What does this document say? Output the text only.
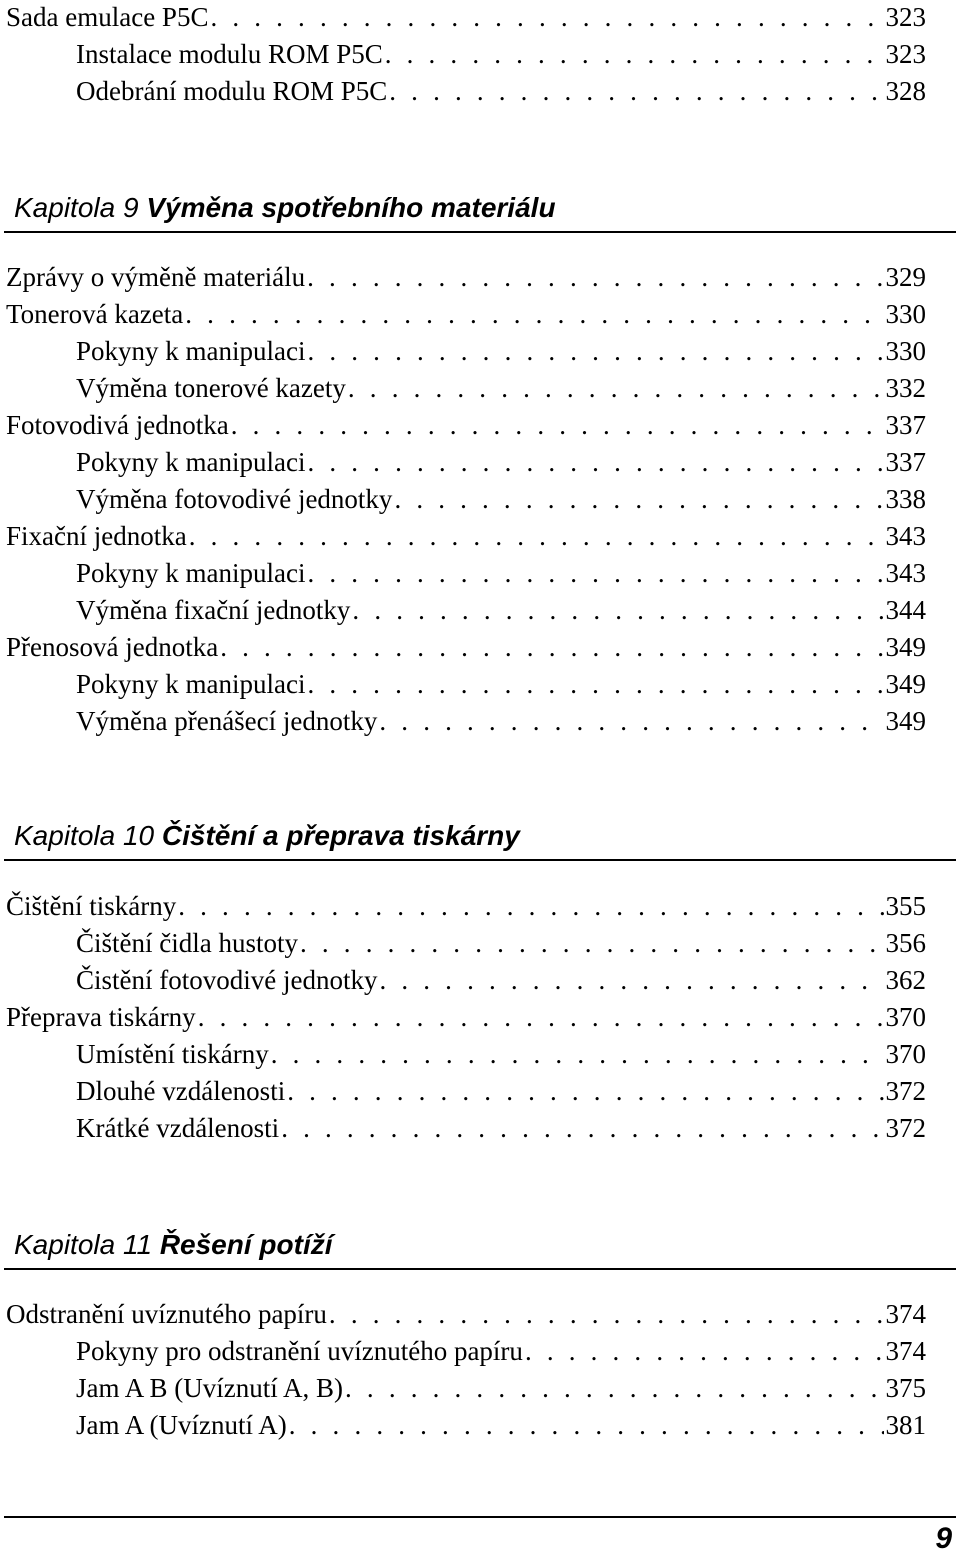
Sada emulace P5C . . .	323
Instalace modulu ROM P5C . . .	323
Odebrání modulu ROM P5C . . .	328
Kapitola 9 Výměna spotřebního materiálu
Zprávy o výměně materiálu . . .	329
Tonerová kazeta . . .	330
Pokyny k manipulaci . . .	330
Výměna tonerové kazety . . .	332
Fotovodivá jednotka . . .	337
Pokyny k manipulaci . . .	337
Výměna fotovodivé jednotky . . .	338
Fixační jednotka . . .	343
Pokyny k manipulaci . . .	343
Výměna fixační jednotky . . .	344
Přenosová jednotka . . .	349
Pokyny k manipulaci . . .	349
Výměna přenášecí jednotky . . .	349
Kapitola 10 Čištění a přeprava tiskárny
Čištění tiskárny . . .	355
Čištění čidla hustoty . . .	356
Čistění fotovodivé jednotky . . .	362
Přeprava tiskárny . . .	370
Umístění tiskárny . . .	370
Dlouhé vzdálenosti . . .	372
Krátké vzdálenosti . . .	372
Kapitola 11 Řešení potíží
Odstranění uvíznutého papíru . . .	374
Pokyny pro odstranění uvíznutého papíru . . .	374
Jam A B (Uvíznutí A, B) . . .	375
Jam A (Uvíznutí A) . . .	381
9
